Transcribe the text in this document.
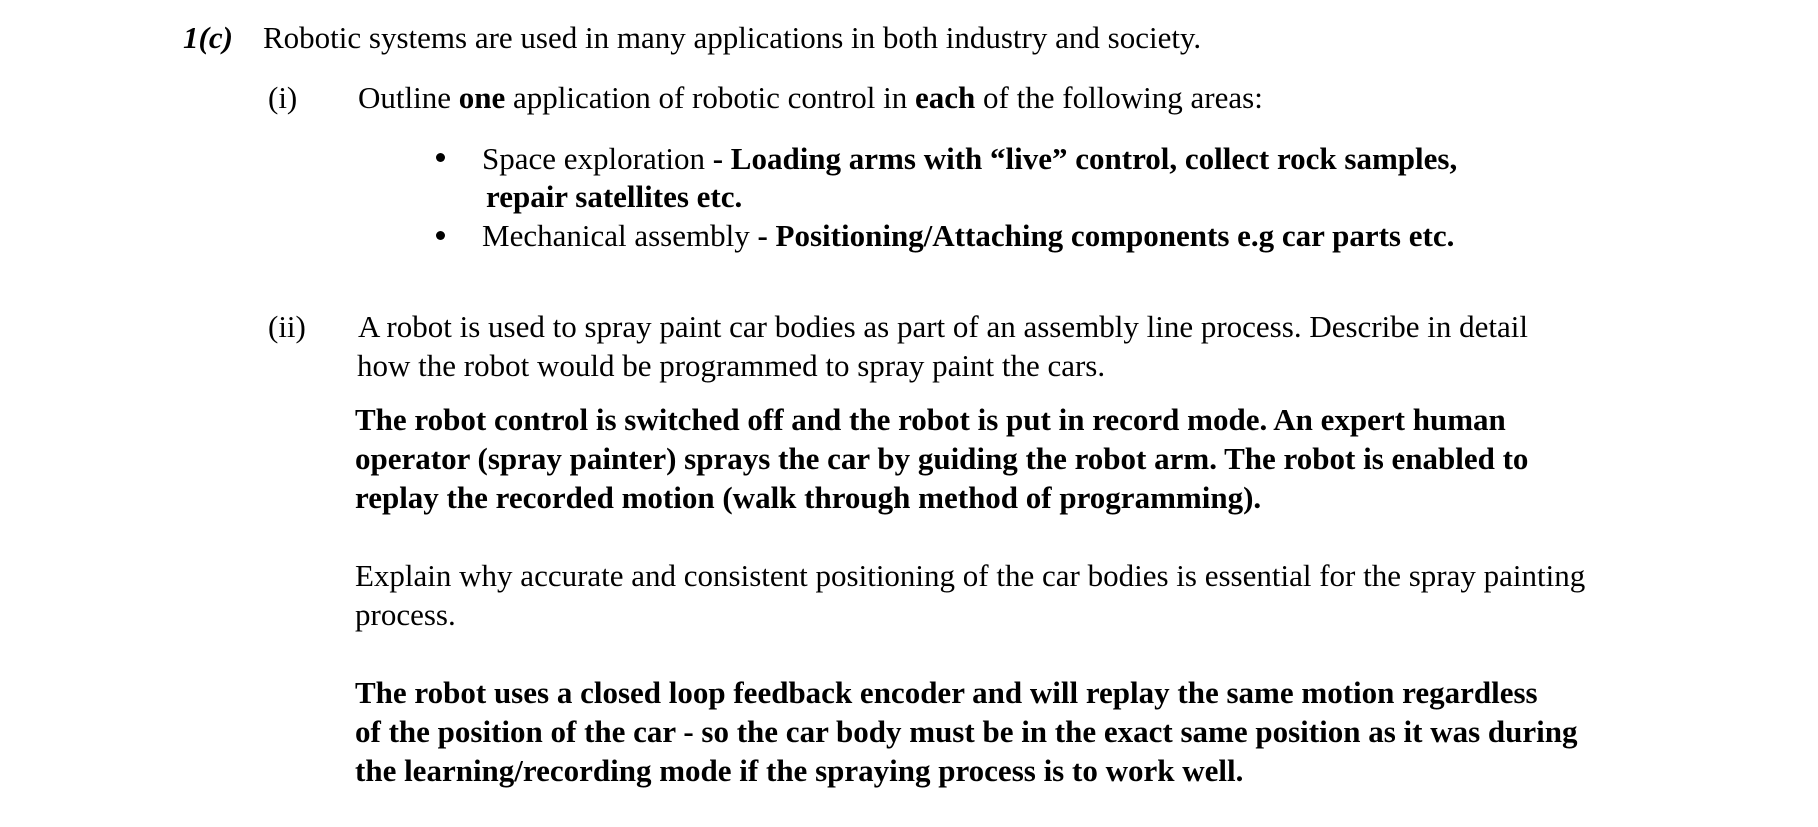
1(c) Robotic systems are used in many applications in both industry and society.
(i) Outline one application of robotic control in each of the following areas:
Space exploration - Loading arms with “live” control, collect rock samples,
repair satellites etc.
Mechanical assembly - Positioning/Attaching components e.g car parts etc.
(ii) A robot is used to spray paint car bodies as part of an assembly line process. Describe in detail
how the robot would be programmed to spray paint the cars.
The robot control is switched off and the robot is put in record mode. An expert human
operator (spray painter) sprays the car by guiding the robot arm. The robot is enabled to
replay the recorded motion (walk through method of programming).
Explain why accurate and consistent positioning of the car bodies is essential for the spray painting
process.
The robot uses a closed loop feedback encoder and will replay the same motion regardless
of the position of the car - so the car body must be in the exact same position as it was during
the learning/recording mode if the spraying process is to work well.
